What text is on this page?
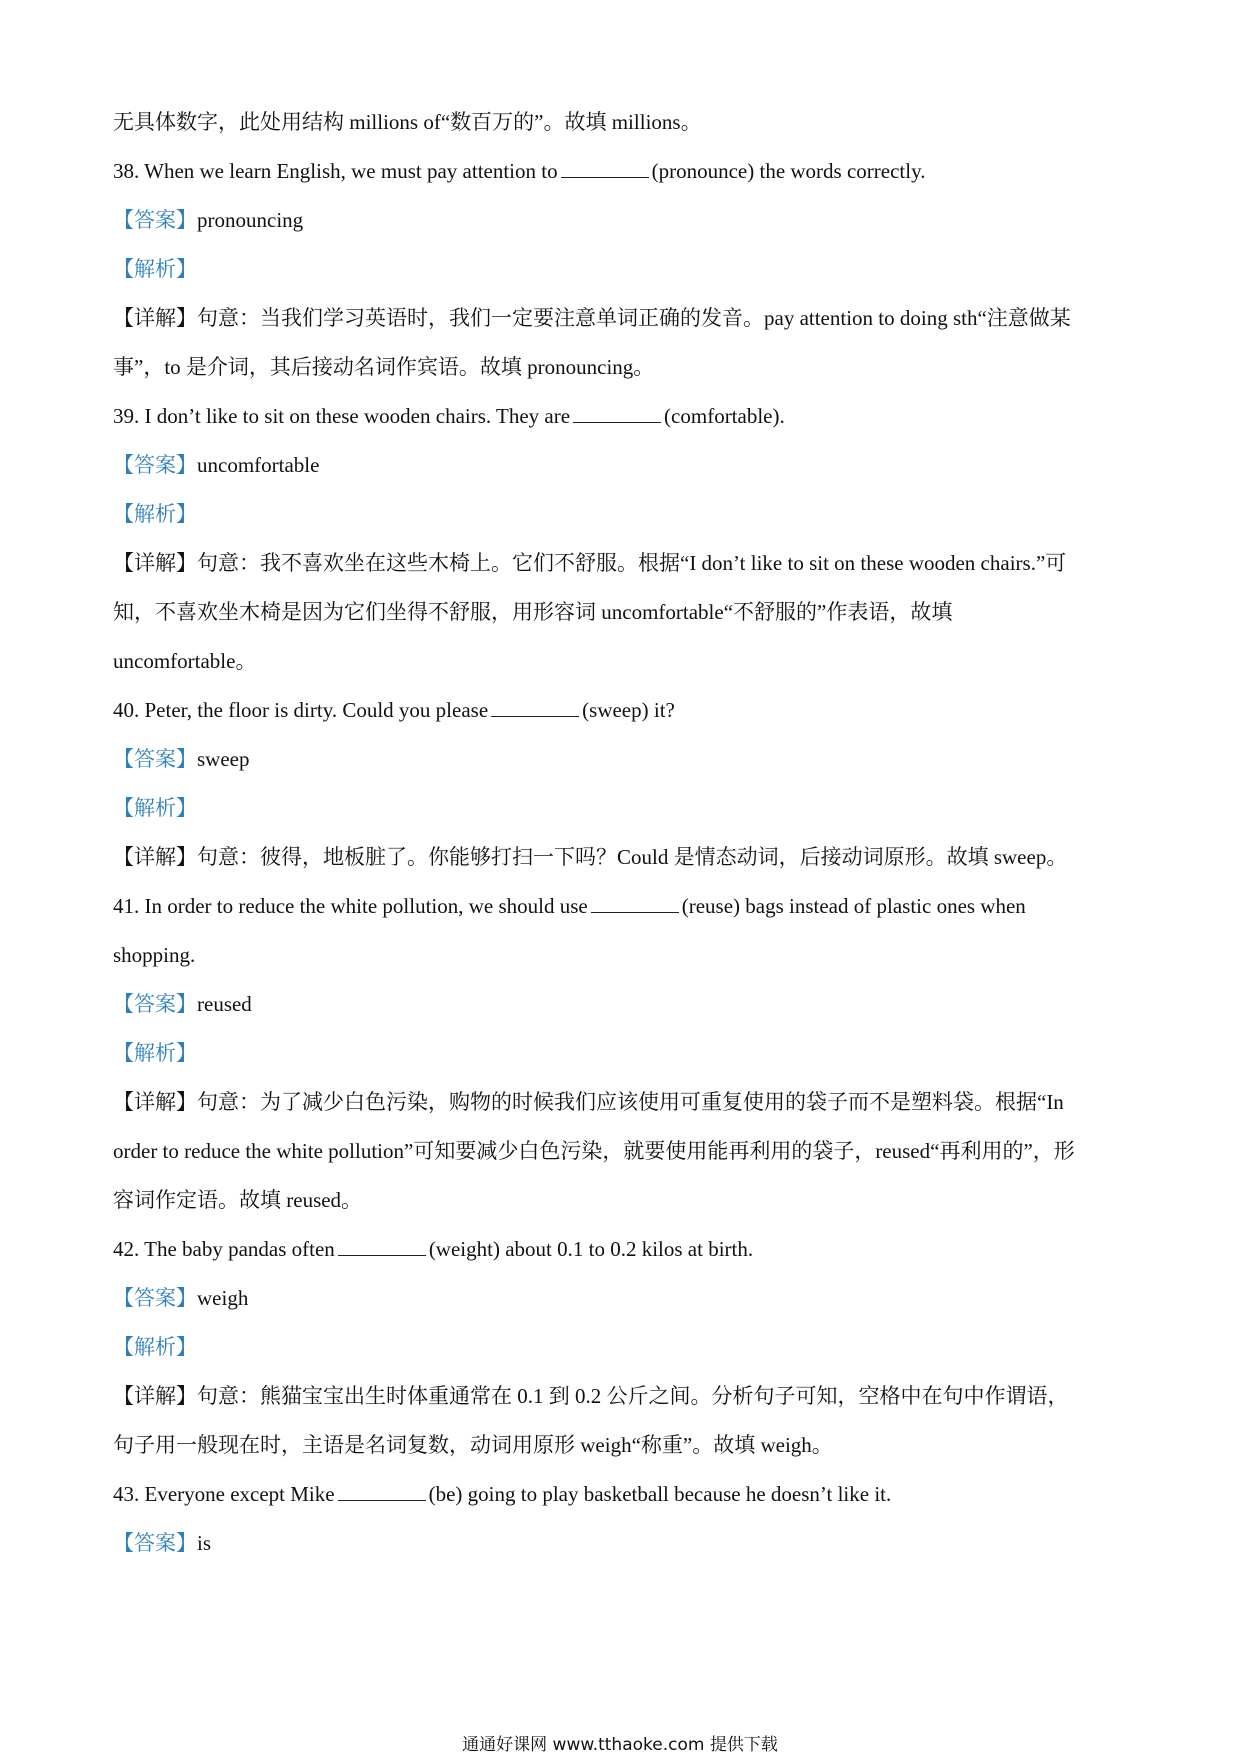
无具体数字，此处用结构 millions of“数百万的”。故填 millions。
38. When we learn English, we must pay attention to	(pronounce) the words correctly.
【答案】pronouncing
【解析】
【详解】句意：当我们学习英语时，我们一定要注意单词正确的发音。pay attention to doing sth“注意做某
事”，to 是介词，其后接动名词作宾语。故填 pronouncing。
39. I don’t like to sit on these wooden chairs. They are	(comfortable).
【答案】uncomfortable
【解析】
【详解】句意：我不喜欢坐在这些木椅上。它们不舒服。根据“I don’t like to sit on these wooden chairs.”可
知，不喜欢坐木椅是因为它们坐得不舒服，用形容词 uncomfortable“不舒服的”作表语，故填
uncomfortable。
40. Peter, the floor is dirty. Could you please	(sweep) it?
【答案】sweep
【解析】
【详解】句意：彼得，地板脏了。你能够打扫一下吗？Could 是情态动词，后接动词原形。故填 sweep。
41. In order to reduce the white pollution, we should use	(reuse) bags instead of plastic ones when
shopping.
【答案】reused
【解析】
【详解】句意：为了减少白色污染，购物的时候我们应该使用可重复使用的袋子而不是塑料袋。根据“In
order to reduce the white pollution”可知要减少白色污染，就要使用能再利用的袋子，reused“再利用的”，形
容词作定语。故填 reused。
42. The baby pandas often	(weight) about 0.1 to 0.2 kilos at birth.
【答案】weigh
【解析】
【详解】句意：熊猫宝宝出生时体重通常在 0.1 到 0.2 公斤之间。分析句子可知，空格中在句中作谓语，
句子用一般现在时，主语是名词复数，动词用原形 weigh“称重”。故填 weigh。
43. Everyone except Mike	(be) going to play basketball because he doesn’t like it.
【答案】is
通通好课网 www.tthaoke.com 提供下载
